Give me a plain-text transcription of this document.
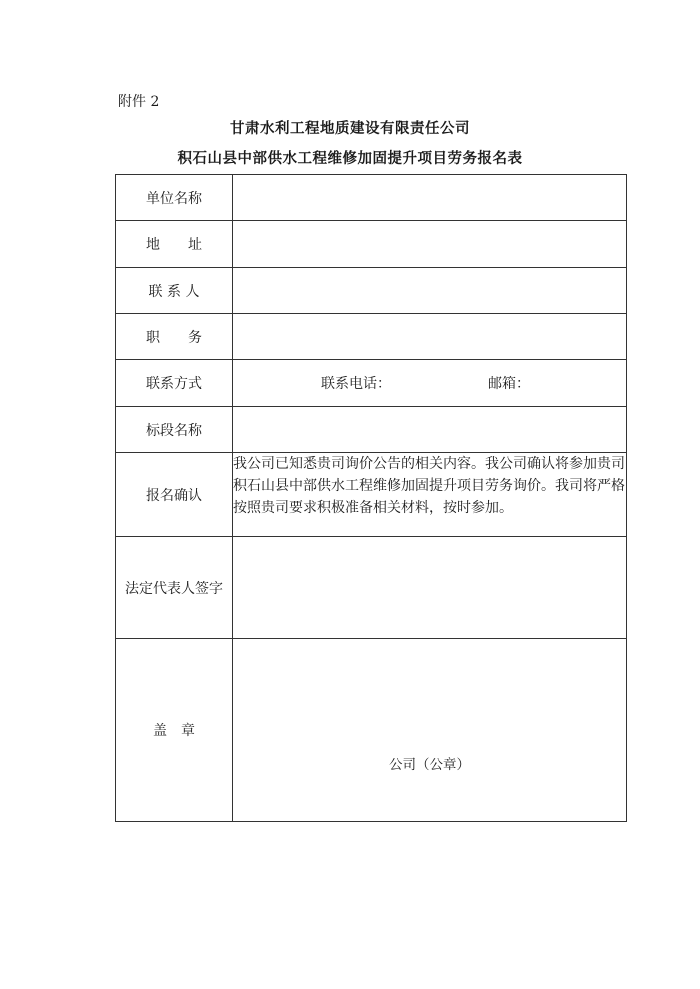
附件 2
甘肃水利工程地质建设有限责任公司
积石山县中部供水工程维修加固提升项目劳务报名表
单位名称	
地　　址	
联 系 人	
职　　务	
联系方式	联系电话： 邮箱：

标段名称	
报名确认	我公司已知悉贵司询价公告的相关内容。我公司确认将参加贵司积石山县中部供水工程维修加固提升项目劳务询价。我司将严格按照贵司要求积极准备相关材料，按时参加。
法定代表人签字	
盖　章	公司（公章）
